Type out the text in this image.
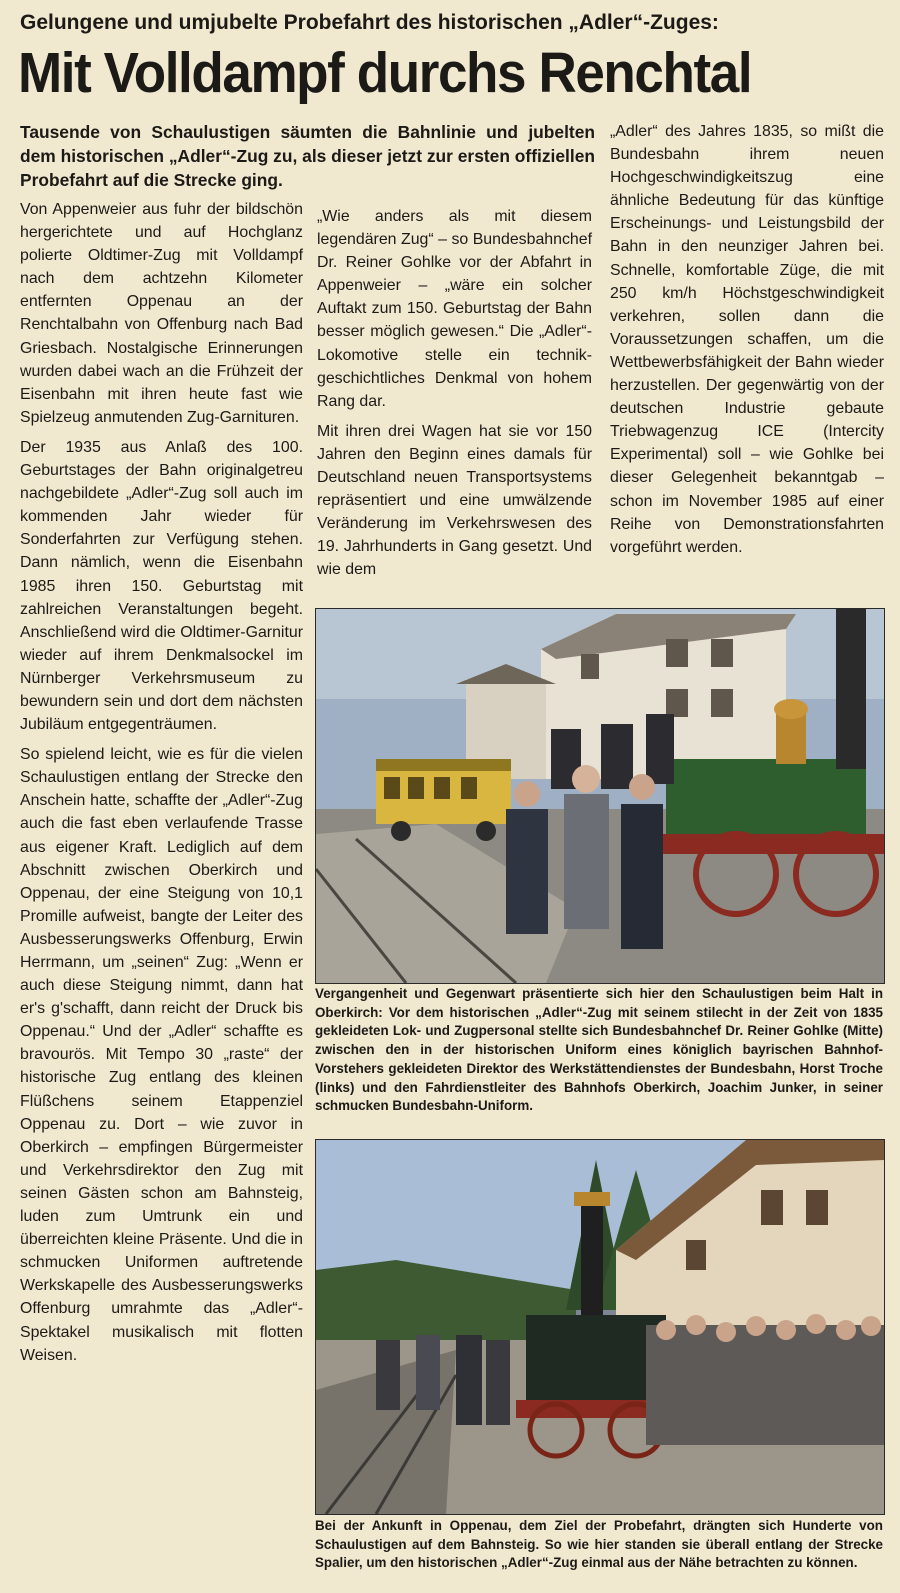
Gelungene und umjubelte Probefahrt des historischen „Adler“-Zuges:
Mit Volldampf durchs Renchtal
Tausende von Schaulustigen säumten die Bahnlinie und jubelten dem historischen „Adler“-Zug zu, als dieser jetzt zur ersten offiziellen Probefahrt auf die Strecke ging.

Von Appenweier aus fuhr der bildschön hergerichtete und auf Hochglanz polierte Oldtimer-Zug mit Volldampf nach dem achtzehn Kilometer entfernten Oppenau an der Renchtalbahn von Offenburg nach Bad Griesbach. Nostalgische Erinnerungen wurden dabei wach an die Frühzeit der Eisenbahn mit ihren heute fast wie Spielzeug anmutenden Zug-Garnituren.

Der 1935 aus Anlaß des 100. Geburtstages der Bahn originalgetreu nachgebildete „Adler“-Zug soll auch im kommenden Jahr wieder für Sonderfahrten zur Verfügung stehen. Dann nämlich, wenn die Eisenbahn 1985 ihren 150. Geburtstag mit zahlreichen Veranstaltungen begeht. Anschließend wird die Oldtimer-Garnitur wieder auf ihrem Denkmalsockel im Nürnberger Verkehrsmuseum zu bewundern sein und dort dem nächsten Jubiläum entgegenträumen.

So spielend leicht, wie es für die vielen Schaulustigen entlang der Strecke den Anschein hatte, schaffte der „Adler“-Zug auch die fast eben verlaufende Trasse aus eigener Kraft. Lediglich auf dem Abschnitt zwischen Oberkirch und Oppenau, der eine Steigung von 10,1 Promille aufweist, bangte der Leiter des Ausbesserungswerks Offenburg, Erwin Herrmann, um „seinen“ Zug: „Wenn er auch diese Steigung nimmt, dann hat er's g'schafft, dann reicht der Druck bis Oppenau.“ Und der „Adler“ schaffte es bravourös. Mit Tempo 30 „raste“ der historische Zug entlang des kleinen Flüßchens seinem Etappenziel Oppenau zu. Dort – wie zuvor in Oberkirch – empfingen Bürgermeister und Verkehrsdirektor den Zug mit seinen Gästen schon am Bahnsteig, luden zum Umtrunk ein und überreichten kleine Präsente. Und die in schmucken Uniformen auftretende Werkskapelle des Ausbesserungswerks Offenburg umrahmte das „Adler“-Spektakel musikalisch mit flotten Weisen.

„Wie anders als mit diesem legendären Zug“ – so Bundesbahnchef Dr. Reiner Gohlke vor der Abfahrt in Appenweier – „wäre ein solcher Auftakt zum 150. Geburtstag der Bahn besser möglich gewesen.“ Die „Adler“-Lokomotive stelle ein technik-geschichtliches Denkmal von hohem Rang dar.

Mit ihren drei Wagen hat sie vor 150 Jahren den Beginn eines damals für Deutschland neuen Transportsystems repräsentiert und eine umwälzende Veränderung im Verkehrswesen des 19. Jahrhunderts in Gang gesetzt. Und wie dem

„Adler“ des Jahres 1835, so mißt die Bundesbahn ihrem neuen Hochgeschwindigkeitszug eine ähnliche Bedeutung für das künftige Erscheinungs- und Leistungsbild der Bahn in den neunziger Jahren bei. Schnelle, komfortable Züge, die mit 250 km/h Höchstgeschwindigkeit verkehren, sollen dann die Voraussetzungen schaffen, um die Wettbewerbsfähigkeit der Bahn wieder herzustellen. Der gegenwärtig von der deutschen Industrie gebaute Triebwagenzug ICE (Intercity Experimental) soll – wie Gohlke bei dieser Gelegenheit bekanntgab – schon im November 1985 auf einer Reihe von Demonstrationsfahrten vorgeführt werden.

Vergangenheit und Gegenwart präsentierte sich hier den Schaulustigen beim Halt in Oberkirch: Vor dem historischen „Adler“-Zug mit seinem stilecht in der Zeit von 1835 gekleideten Lok- und Zugpersonal stellte sich Bundesbahnchef Dr. Reiner Gohlke (Mitte) zwischen den in der historischen Uniform eines königlich bayrischen Bahnhof-Vorstehers gekleideten Direktor des Werkstättendienstes der Bundesbahn, Horst Troche (links) und den Fahrdienstleiter des Bahnhofs Oberkirch, Joachim Junker, in seiner schmucken Bundesbahn-Uniform.
Bei der Ankunft in Oppenau, dem Ziel der Probefahrt, drängten sich Hunderte von Schaulustigen auf dem Bahnsteig. So wie hier standen sie überall entlang der Strecke Spalier, um den historischen „Adler“-Zug einmal aus der Nähe betrachten zu können.
